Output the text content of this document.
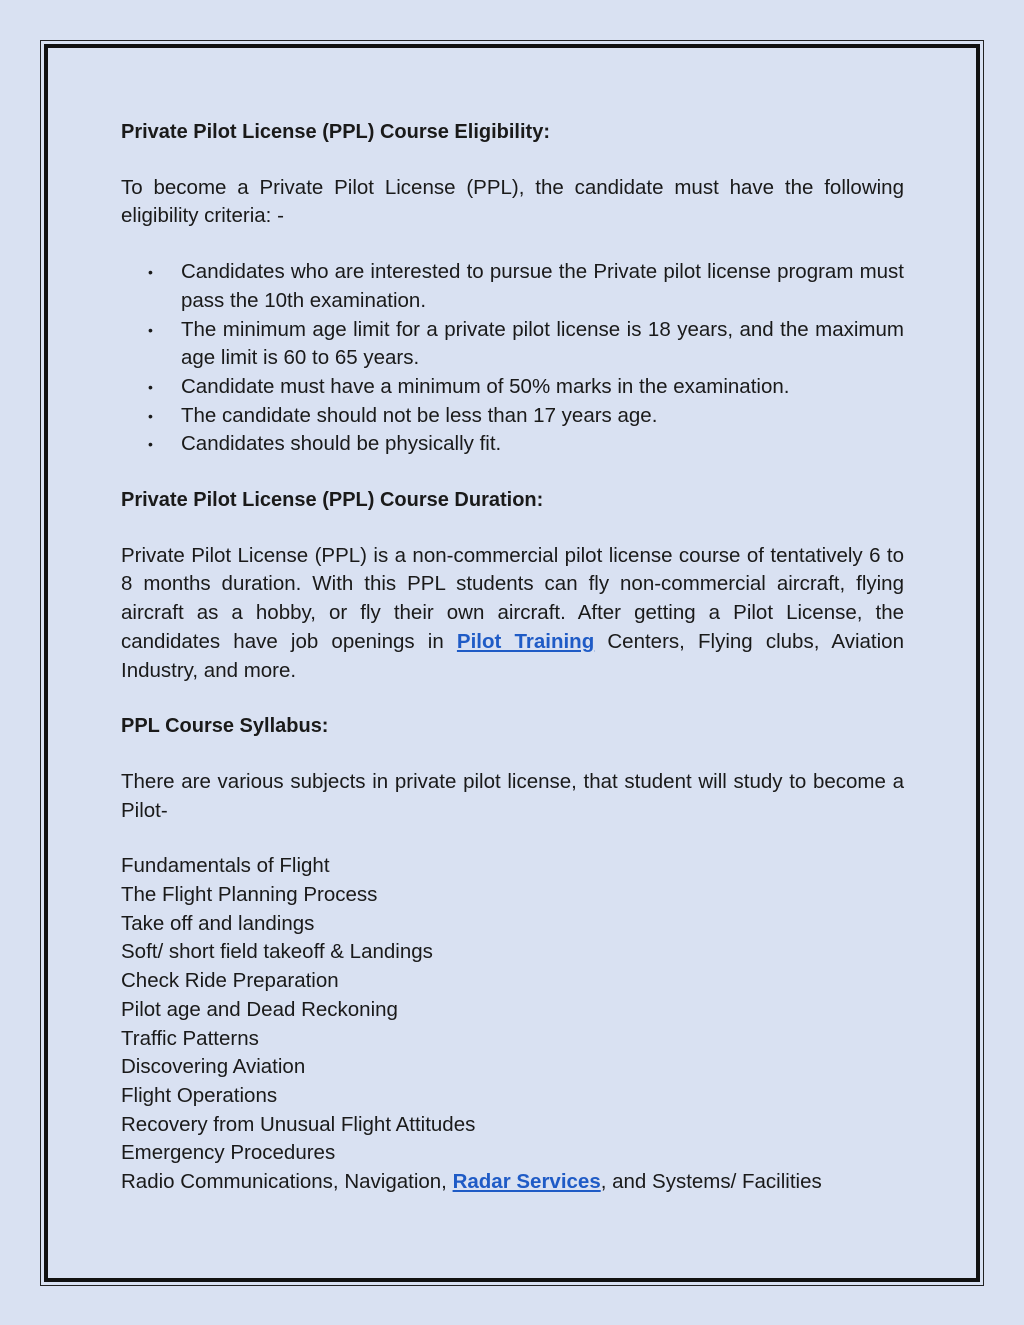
Private Pilot License (PPL) Course Eligibility:

To become a Private Pilot License (PPL), the candidate must have the following eligibility criteria: -

• Candidates who are interested to pursue the Private pilot license program must pass the 10th examination.
• The minimum age limit for a private pilot license is 18 years, and the maximum age limit is 60 to 65 years.
• Candidate must have a minimum of 50% marks in the examination.
• The candidate should not be less than 17 years age.
• Candidates should be physically fit.

Private Pilot License (PPL) Course Duration:

Private Pilot License (PPL) is a non-commercial pilot license course of tentatively 6 to 8 months duration. With this PPL students can fly non-commercial aircraft, flying aircraft as a hobby, or fly their own aircraft. After getting a Pilot License, the candidates have job openings in Pilot Training Centers, Flying clubs, Aviation Industry, and more.

PPL Course Syllabus:

There are various subjects in private pilot license, that student will study to become a Pilot-

Fundamentals of Flight
The Flight Planning Process
Take off and landings
Soft/ short field takeoff & Landings
Check Ride Preparation
Pilot age and Dead Reckoning
Traffic Patterns
Discovering Aviation
Flight Operations
Recovery from Unusual Flight Attitudes
Emergency Procedures
Radio Communications, Navigation, Radar Services, and Systems/ Facilities
